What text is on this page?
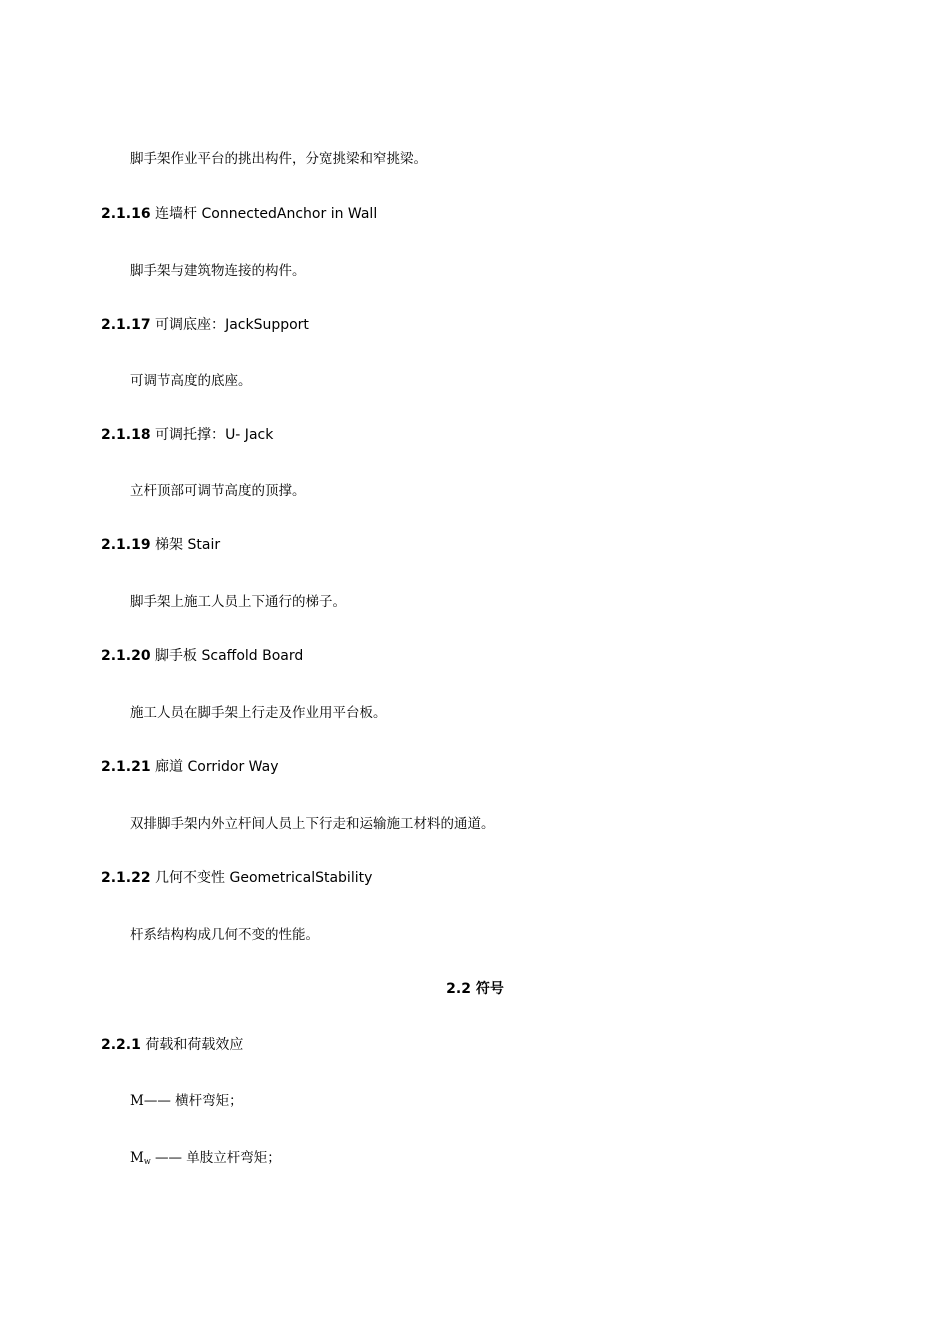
脚手架作业平台的挑出构件，分宽挑梁和窄挑梁。
2.1.16 连墙杆 ConnectedAnchor in Wall
脚手架与建筑物连接的构件。
2.1.17 可调底座：JackSupport
可调节高度的底座。
2.1.18 可调托撑：U- Jack
立杆顶部可调节高度的顶撑。
2.1.19 梯架 Stair
脚手架上施工人员上下通行的梯子。
2.1.20 脚手板 Scaffold Board
施工人员在脚手架上行走及作业用平台板。
2.1.21 廊道 Corridor Way
双排脚手架内外立杆间人员上下行走和运输施工材料的通道。
2.1.22 几何不变性 GeometricalStability
杆系结构构成几何不变的性能。
2.2 符号
2.2.1 荷载和荷载效应
M—— 横杆弯矩；
$M_w$ —— 单肢立杆弯矩；
